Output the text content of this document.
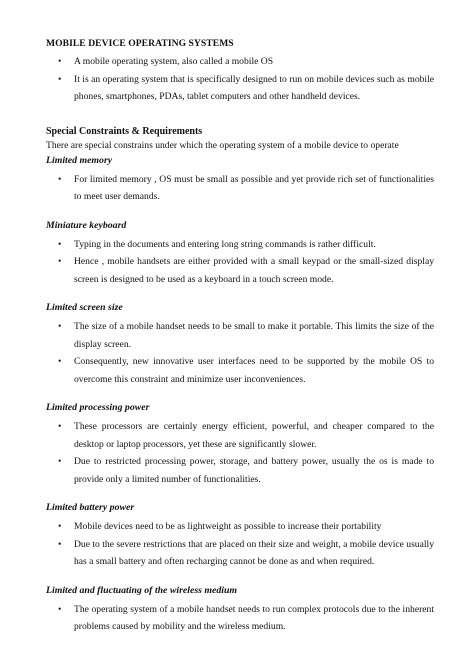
MOBILE DEVICE OPERATING SYSTEMS
• A mobile operating system, also called a mobile OS
• It is an operating system that is specifically designed to run on mobile devices such as mobile phones, smartphones, PDAs, tablet computers and other handheld devices.
Special Constraints & Requirements
There are special constrains under which the operating system of a mobile device to operate
Limited memory
• For limited memory , OS must be small as possible and yet provide rich set of functionalities to meet user demands.
Miniature keyboard
• Typing in the documents and entering long string commands is rather difficult.
• Hence , mobile handsets are either provided with a small keypad or the small-sized display screen is designed to be used as a keyboard in a touch screen mode.
Limited screen size
• The size of a mobile handset needs to be small to make it portable. This limits the size of the display screen.
• Consequently, new innovative user interfaces need to be supported by the mobile OS to overcome this constraint and minimize user inconveniences.
Limited processing power
• These processors are certainly energy efficient, powerful, and cheaper compared to the desktop or laptop processors, yet these are significantly slower.
• Due to restricted processing power, storage, and battery power, usually the os is made to provide only a limited number of functionalities.
Limited battery power
• Mobile devices need to be as lightweight as possible to increase their portability
• Due to the severe restrictions that are placed on their size and weight, a mobile device usually has a small battery and often recharging cannot be done as and when required.
Limited and fluctuating of the wireless medium
• The operating system of a mobile handset needs to run complex protocols due to the inherent problems caused by mobility and the wireless medium.
